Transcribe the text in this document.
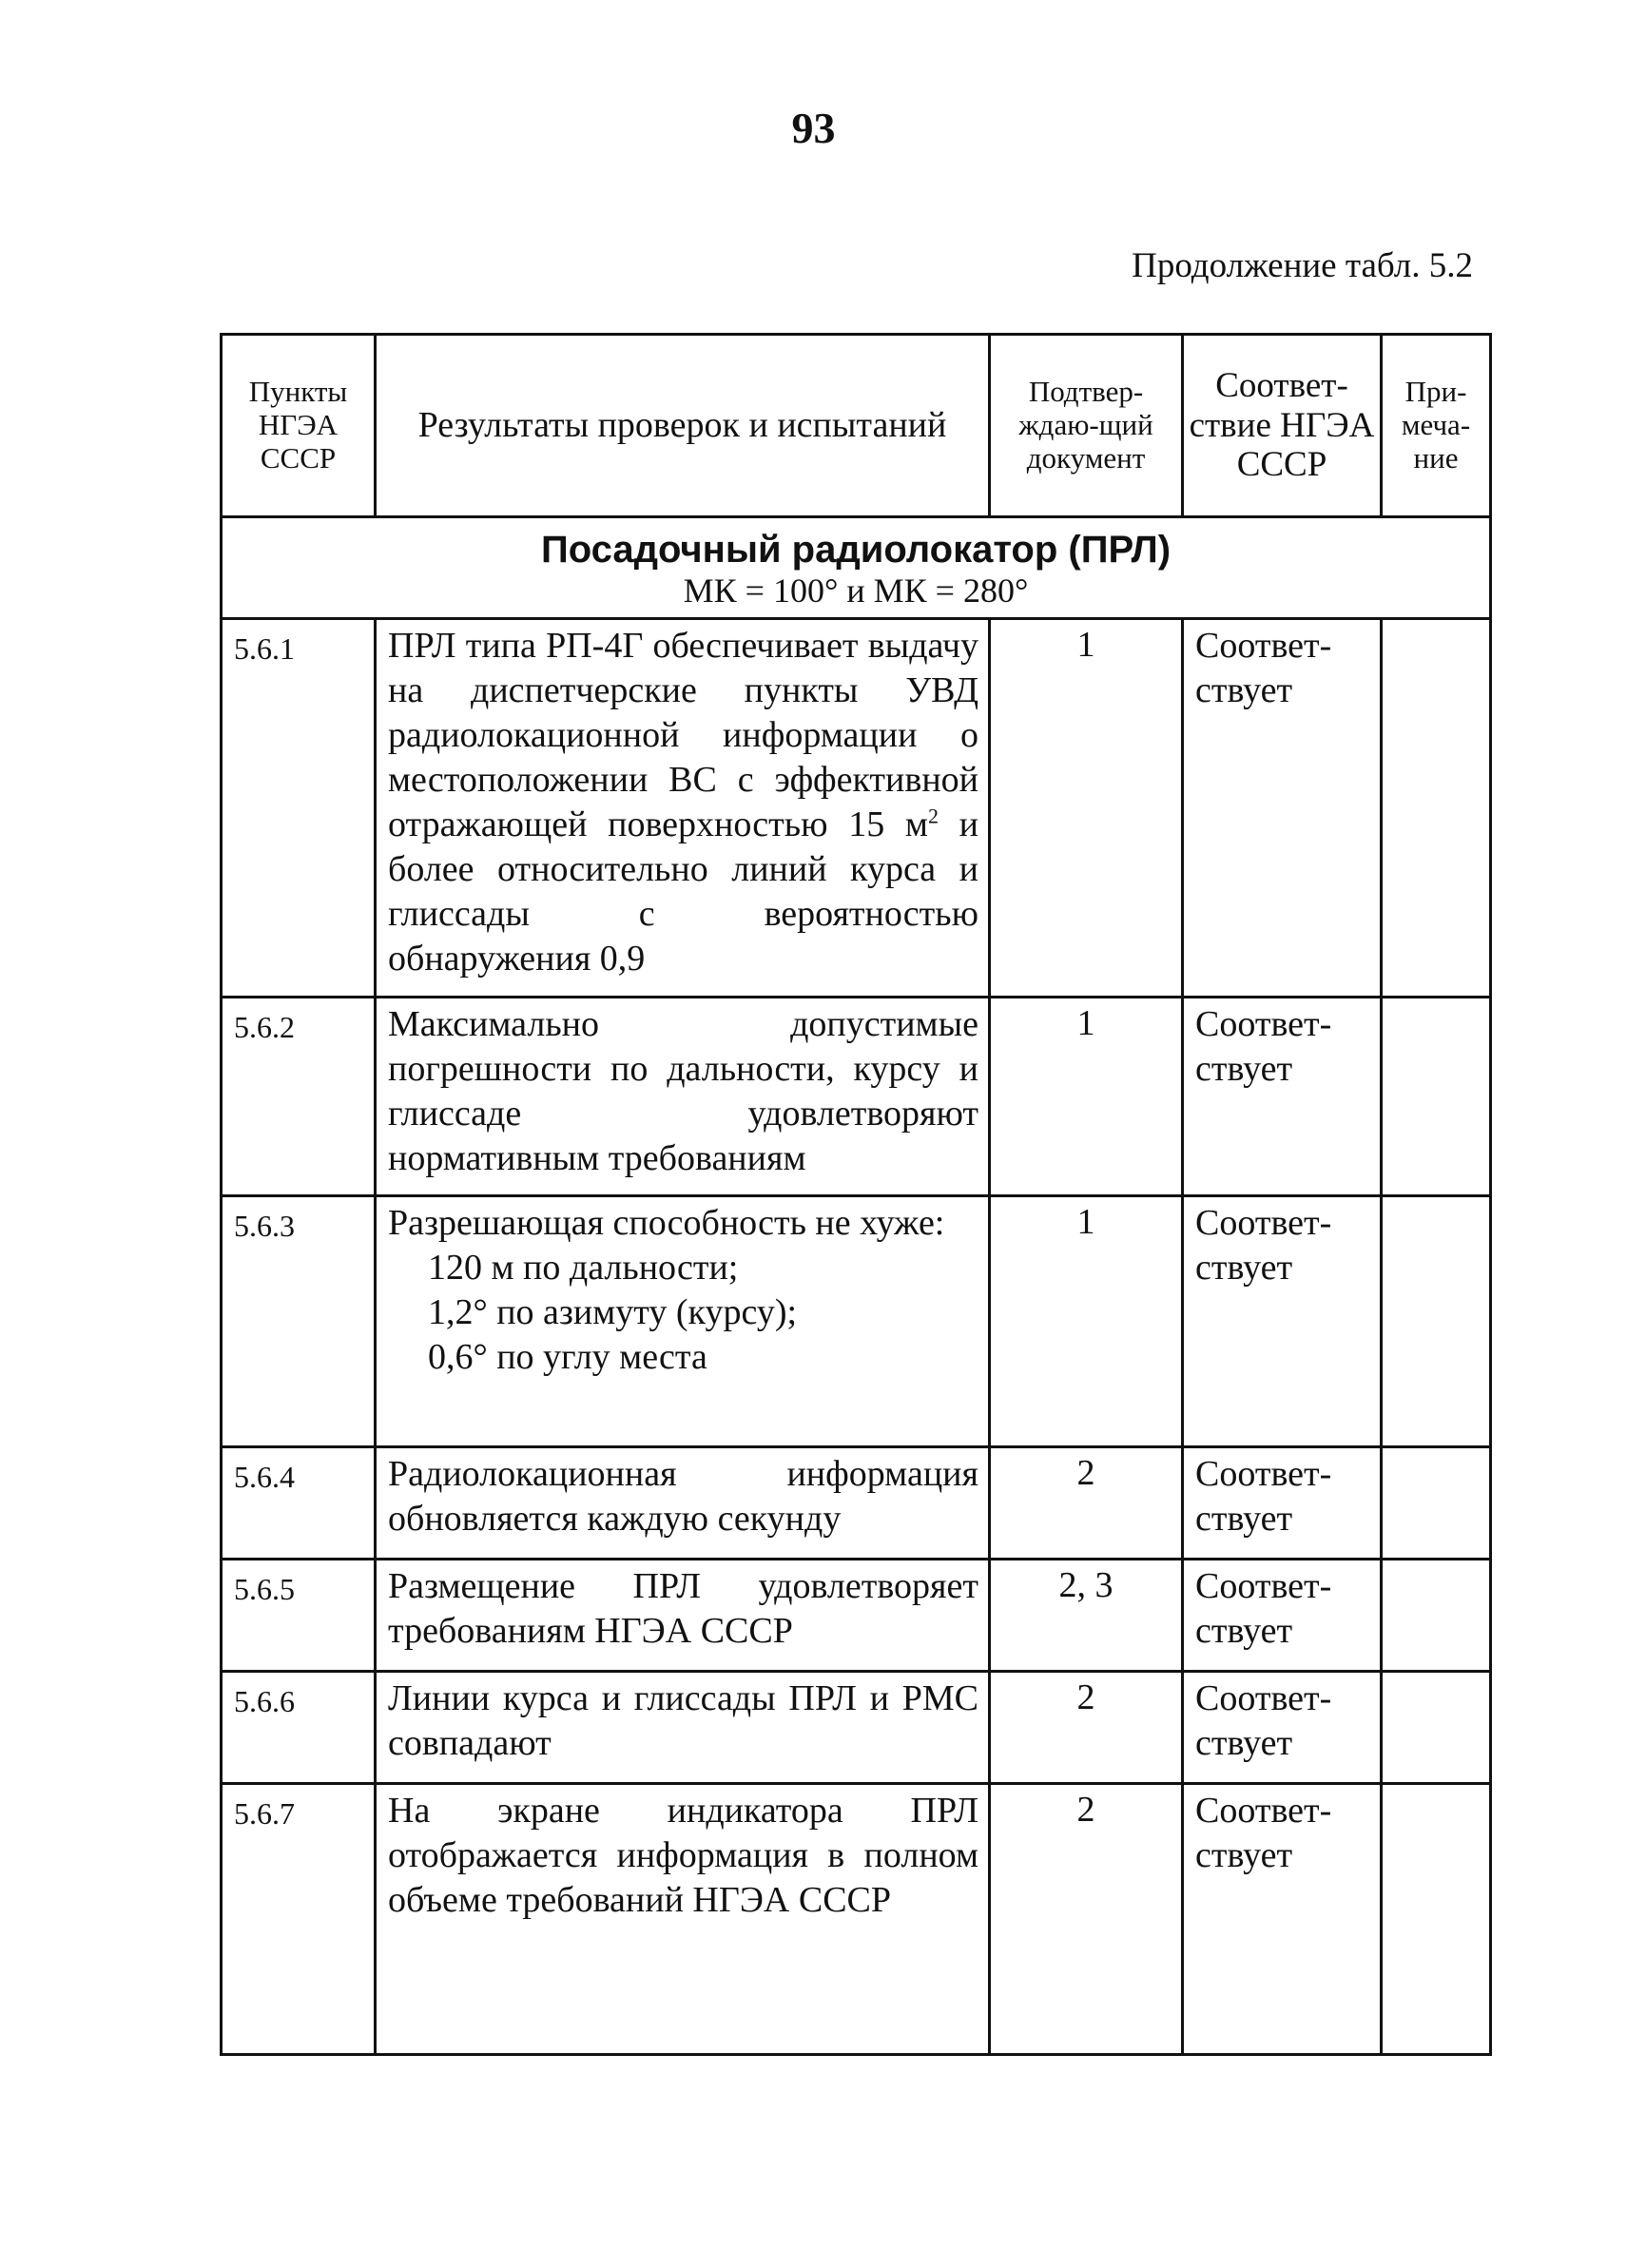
93
Продолжение табл. 5.2
Пункты НГЭА СССР	Результаты проверок и испытаний	Подтвер-ждаю-щий документ	Соответ-ствие НГЭА СССР	При-меча-ние

Посадочный радиолокатор (ПРЛ)
МК = 100° и МК = 280°				

5.6.1	ПРЛ типа РП-4Г обеспечивает выдачу на диспетчерские пункты УВД радиолокационной информации о местоположении ВС с эффективной отражающей поверхностью 15 $м^2$ и более относительно линий курса и глиссады с вероятностью обнаружения 0,9	1	Соответ-ствует	
5.6.2	Максимально допустимые погрешности по дальности, курсу и глиссаде удовлетворяют нормативным требованиям	1	Соответ-ствует	
5.6.3	Разрешающая способность не хуже:
120 м по дальности;
1,2° по азимуту (курсу);
0,6° по углу места	1	Соответ-ствует	
5.6.4	Радиолокационная информация обновляется каждую секунду	2	Соответ-ствует	
5.6.5	Размещение ПРЛ удовлетворяет требованиям НГЭА СССР	2, 3	Соответ-ствует	
5.6.6	Линии курса и глиссады ПРЛ и РМС совпадают	2	Соответ-ствует	
5.6.7	На экране индикатора ПРЛ отображается информация в полном объеме требований НГЭА СССР	2	Соответ-ствует	
